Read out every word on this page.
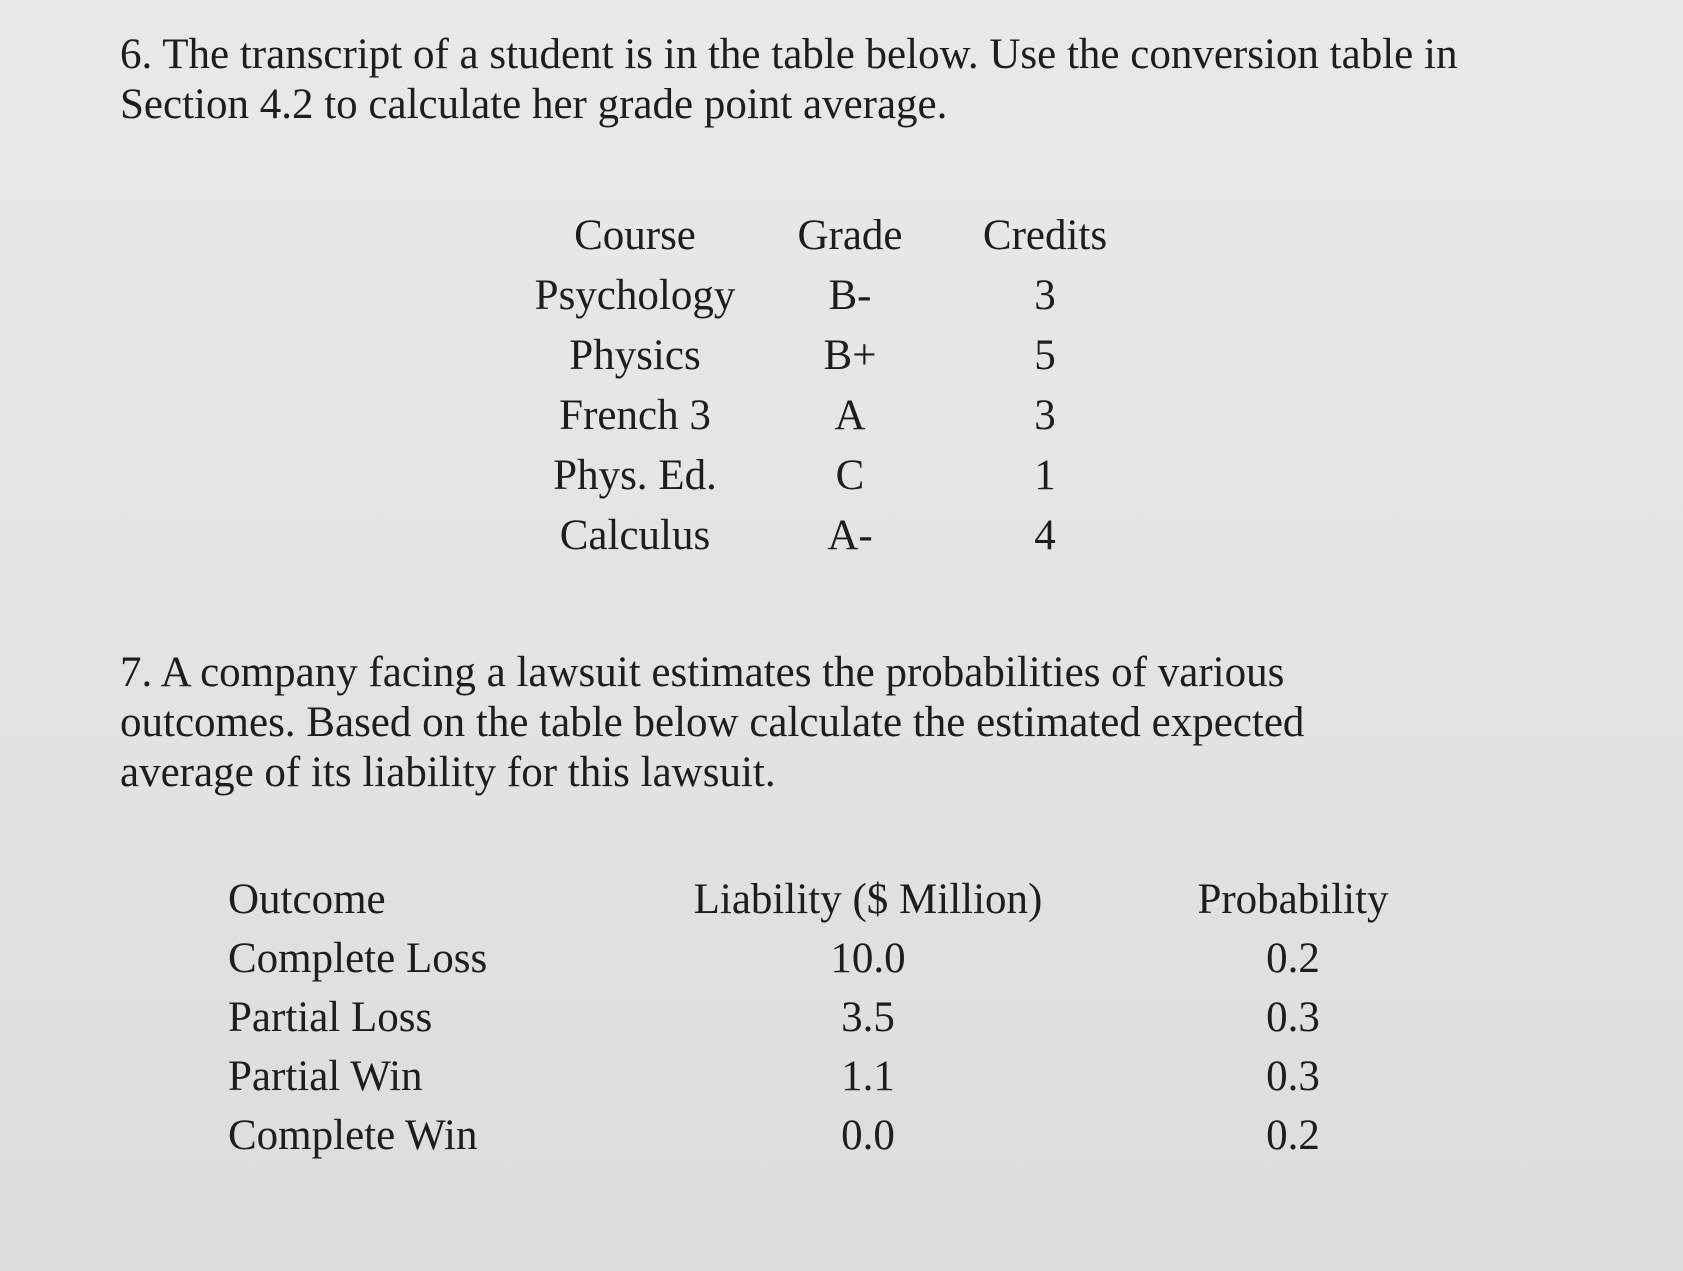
6. The transcript of a student is in the table below. Use the conversion table in Section 4.2 to calculate her grade point average.
Course	Grade	Credits
Psychology	B-	3
Physics	B+	5
French 3	A	3
Phys. Ed.	C	1
Calculus	A-	4
7. A company facing a lawsuit estimates the probabilities of various outcomes. Based on the table below calculate the estimated expected average of its liability for this lawsuit.
Outcome	Liability ($ Million)	Probability
Complete Loss	10.0	0.2
Partial Loss	3.5	0.3
Partial Win	1.1	0.3
Complete Win	0.0	0.2
